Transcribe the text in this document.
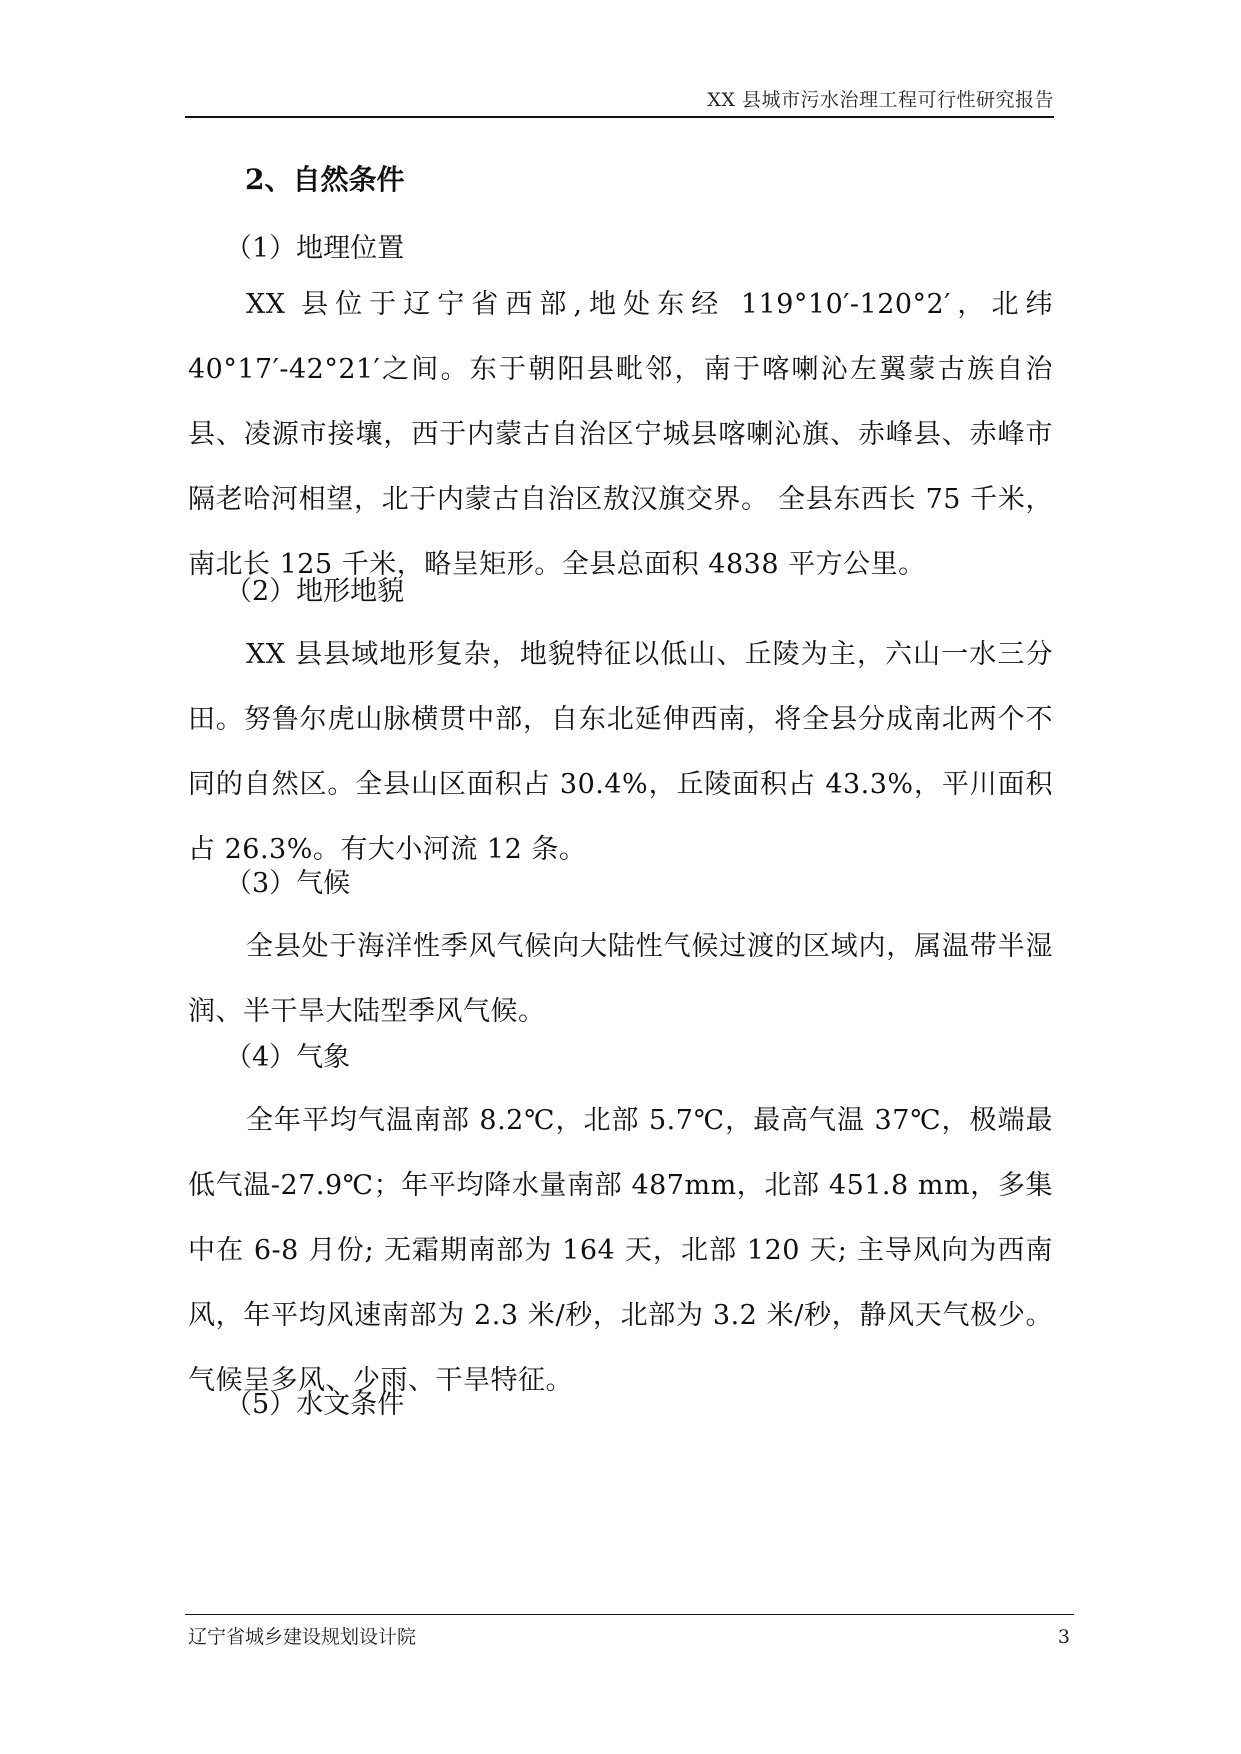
XX 县城市污水治理工程可行性研究报告
2、自然条件
（1）地理位置
XX 县位于辽宁省西部,地处东经 119°10′-120°2′，北纬 40°17′-42°21′之间。东于朝阳县毗邻，南于喀喇沁左翼蒙古族自治县、凌源市接壤，西于内蒙古自治区宁城县喀喇沁旗、赤峰县、赤峰市隔老哈河相望，北于内蒙古自治区敖汉旗交界。 全县东西长 75 千米，南北长 125 千米，略呈矩形。全县总面积 4838 平方公里。
（2）地形地貌
XX 县县域地形复杂，地貌特征以低山、丘陵为主，六山一水三分田。努鲁尔虎山脉横贯中部，自东北延伸西南，将全县分成南北两个不同的自然区。全县山区面积占 30.4%，丘陵面积占 43.3%，平川面积占 26.3%。有大小河流 12 条。
（3）气候
全县处于海洋性季风气候向大陆性气候过渡的区域内，属温带半湿润、半干旱大陆型季风气候。
（4）气象
全年平均气温南部 8.2℃，北部 5.7℃，最高气温 37℃，极端最低气温-27.9℃；年平均降水量南部 487mm，北部 451.8 mm，多集中在 6-8 月份; 无霜期南部为 164 天，北部 120 天; 主导风向为西南风，年平均风速南部为 2.3 米/秒，北部为 3.2 米/秒，静风天气极少。气候呈多风、少雨、干旱特征。
（5）水文条件
辽宁省城乡建设规划设计院	3
